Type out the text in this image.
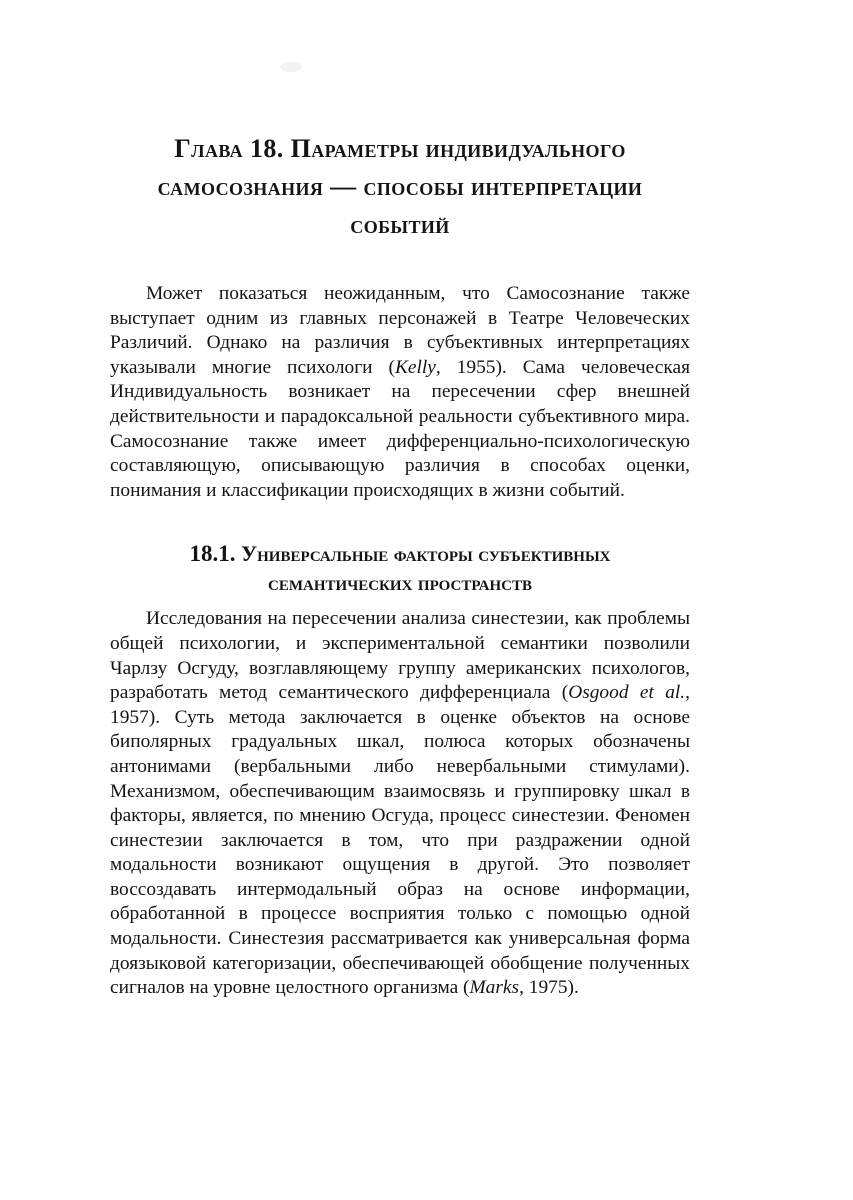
Глава 18. Параметры индивидуального
самосознания — способы интерпретации
событий

Может показаться неожиданным, что Самосознание также выступает одним из главных персонажей в Театре Человеческих Различий. Однако на различия в субъективных интерпретациях указывали многие психологи (Kelly, 1955). Сама человеческая Индивидуальность возникает на пересечении сфер внешней действительности и парадоксальной реальности субъективного мира. Самосознание также имеет дифференциально-психологическую составляющую, описывающую различия в способах оценки, понимания и классификации происходящих в жизни событий.

18.1. Универсальные факторы субъективных
семантических пространств

Исследования на пересечении анализа синестезии, как проблемы общей психологии, и экспериментальной семантики позволили Чарлзу Осгуду, возглавляющему группу американских психологов, разработать метод семантического дифференциала (Osgood et al., 1957). Суть метода заключается в оценке объектов на основе биполярных градуальных шкал, полюса которых обозначены антонимами (вербальными либо невербальными стимулами). Механизмом, обеспечивающим взаимосвязь и группировку шкал в факторы, является, по мнению Осгуда, процесс синестезии. Феномен синестезии заключается в том, что при раздражении одной модальности возникают ощущения в другой. Это позволяет воссоздавать интермодальный образ на основе информации, обработанной в процессе восприятия только с помощью одной модальности. Синестезия рассматривается как универсальная форма доязыковой категоризации, обеспечивающей обобщение полученных сигналов на уровне целостного организма (Marks, 1975).
